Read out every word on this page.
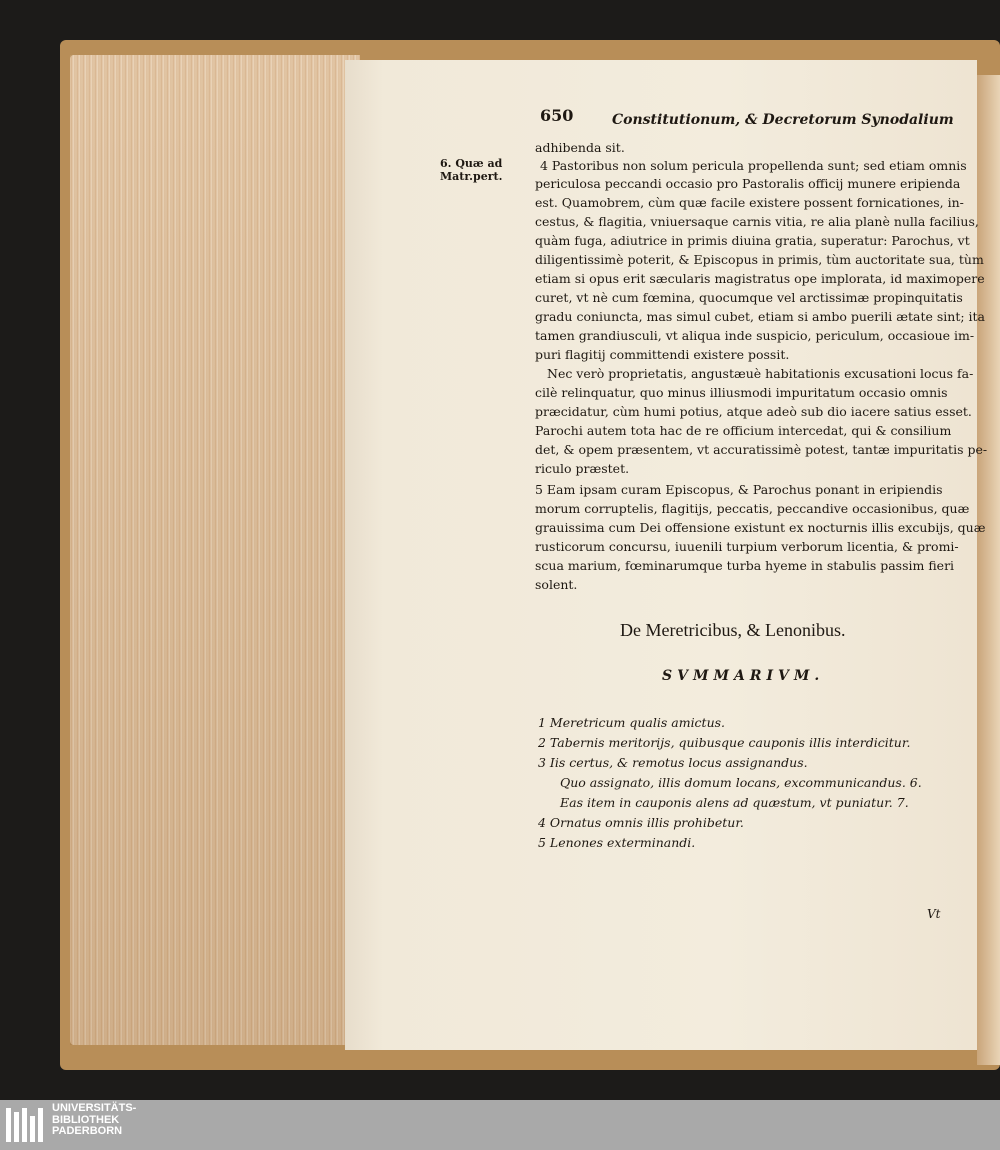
650	Constitutionum, & Decretorum Synodalium
6. Quæ ad
Matr.pert.
adhibenda sit.
4 Pastoribus non solum pericula propellenda sunt; sed etiam omnis
periculosa peccandi occasio pro Pastoralis officij munere eripienda
est. Quamobrem, cùm quæ facile existere possent fornicationes, in-
cestus, & flagitia, vniuersaque carnis vitia, re alia planè nulla facilius,
quàm fuga, adiutrice in primis diuina gratia, superatur: Parochus, vt
diligentissimè poterit, & Episcopus in primis, tùm auctoritate sua, tùm
etiam si opus erit sæcularis magistratus ope implorata, id maximopere
curet, vt nè cum fœmina, quocumque vel arctissimæ propinquitatis
gradu coniuncta, mas simul cubet, etiam si ambo puerili ætate sint; ita
tamen grandiusculi, vt aliqua inde suspicio, periculum, occasioue im-
puri flagitij committendi existere possit.
Nec verò proprietatis, angustæuè habitationis excusationi locus fa-
cilè relinquatur, quo minus illiusmodi impuritatum occasio omnis
præcidatur, cùm humi potius, atque adeò sub dio iacere satius esset.
Parochi autem tota hac de re officium intercedat, qui & consilium
det, & opem præsentem, vt accuratissimè potest, tantæ impuritatis pe-
riculo præstet.
5 Eam ipsam curam Episcopus, & Parochus ponant in eripiendis
morum corruptelis, flagitijs, peccatis, peccandive occasionibus, quæ
grauissima cum Dei offensione existunt ex nocturnis illis excubijs, quæ
rusticorum concursu, iuuenili turpium verborum licentia, & promi-
scua marium, fœminarumque turba hyeme in stabulis passim fieri
solent.
De Meretricibus, & Lenonibus.
SVMMARIVM.
1 Meretricum qualis amictus.
2 Tabernis meritorijs, quibusque cauponis illis interdicitur.
3 Iis certus, & remotus locus assignandus.
Quo assignato, illis domum locans, excommunicandus. 6.
Eas item in cauponis alens ad quæstum, vt puniatur. 7.
4 Ornatus omnis illis prohibetur.
5 Lenones exterminandi.
Vt
UNIVERSITÄTS-
BIBLIOTHEK
PADERBORN
